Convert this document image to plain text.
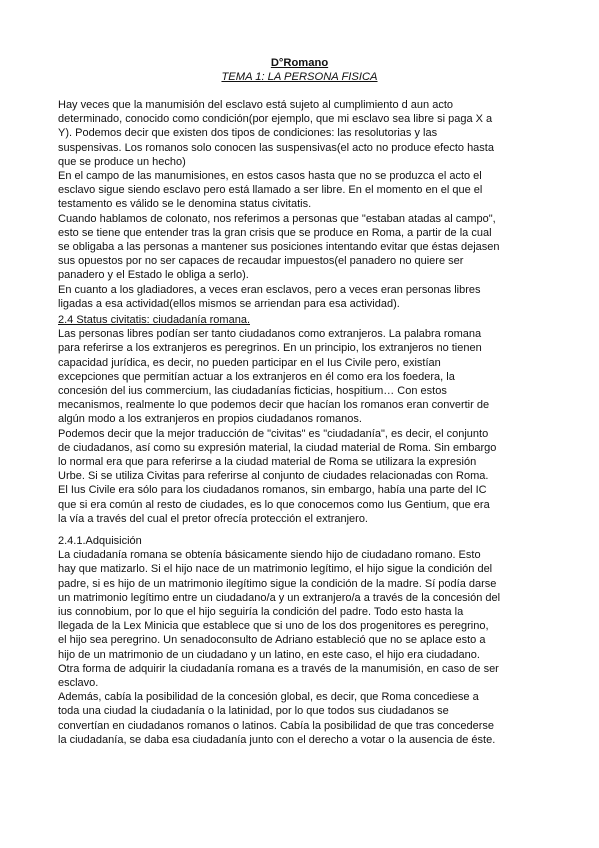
D°Romano
TEMA 1: LA PERSONA FISICA
Hay veces que la manumisión del esclavo está sujeto al cumplimiento d aun acto
determinado, conocido como condición(por ejemplo, que mi esclavo sea libre si paga X a
Y). Podemos decir que existen dos tipos de condiciones: las resolutorias y las
suspensivas. Los romanos solo conocen las suspensivas(el acto no produce efecto hasta
que se produce un hecho)
En el campo de las manumisiones, en estos casos hasta que no se produzca el acto el
esclavo sigue siendo esclavo pero está llamado a ser libre. En el momento en el que el
testamento es válido se le denomina status civitatis.
Cuando hablamos de colonato, nos referimos a personas que "estaban atadas al campo",
esto se tiene que entender tras la gran crisis que se produce en Roma, a partir de la cual
se obligaba a las personas a mantener sus posiciones intentando evitar que éstas dejasen
sus opuestos por no ser capaces de recaudar impuestos(el panadero no quiere ser
panadero y el Estado le obliga a serlo).
En cuanto a los gladiadores, a veces eran esclavos, pero a veces eran personas libres
ligadas a esa actividad(ellos mismos se arriendan para esa actividad).
2.4 Status civitatis: ciudadanía romana.
Las personas libres podían ser tanto ciudadanos como extranjeros. La palabra romana
para referirse a los extranjeros es peregrinos. En un principio, los extranjeros no tienen
capacidad jurídica, es decir, no pueden participar en el Ius Civile pero, existían
excepciones que permitían actuar a los extranjeros en él como era los foedera, la
concesión del ius commercium, las ciudadanías ficticias, hospitium… Con estos
mecanismos, realmente lo que podemos decir que hacían los romanos eran convertir de
algún modo a los extranjeros en propios ciudadanos romanos.
Podemos decir que la mejor traducción de "civitas" es "ciudadanía", es decir, el conjunto
de ciudadanos, así como su expresión material, la ciudad material de Roma. Sin embargo
lo normal era que para referirse a la ciudad material de Roma se utilizara la expresión
Urbe. Si se utiliza Civitas para referirse al conjunto de ciudades relacionadas con Roma.
El Ius Civile era sólo para los ciudadanos romanos, sin embargo, había una parte del IC
que si era común al resto de ciudades, es lo que conocemos como Ius Gentium, que era
la vía a través del cual el pretor ofrecía protección el extranjero.
2.4.1.Adquisición
La ciudadanía romana se obtenía básicamente siendo hijo de ciudadano romano. Esto
hay que matizarlo. Si el hijo nace de un matrimonio legítimo, el hijo sigue la condición del
padre, si es hijo de un matrimonio ilegítimo sigue la condición de la madre. Sí podía darse
un matrimonio legítimo entre un ciudadano/a y un extranjero/a a través de la concesión del
ius connobium, por lo que el hijo seguiría la condición del padre. Todo esto hasta la
llegada de la Lex Minicia que establece que si uno de los dos progenitores es peregrino,
el hijo sea peregrino. Un senadoconsulto de Adriano estableció que no se aplace esto a
hijo de un matrimonio de un ciudadano y un latino, en este caso, el hijo era ciudadano.
Otra forma de adquirir la ciudadanía romana es a través de la manumisión, en caso de ser
esclavo.
Además, cabía la posibilidad de la concesión global, es decir, que Roma concediese a
toda una ciudad la ciudadanía o la latinidad, por lo que todos sus ciudadanos se
convertían en ciudadanos romanos o latinos. Cabía la posibilidad de que tras concederse
la ciudadanía, se daba esa ciudadanía junto con el derecho a votar o la ausencia de éste.
